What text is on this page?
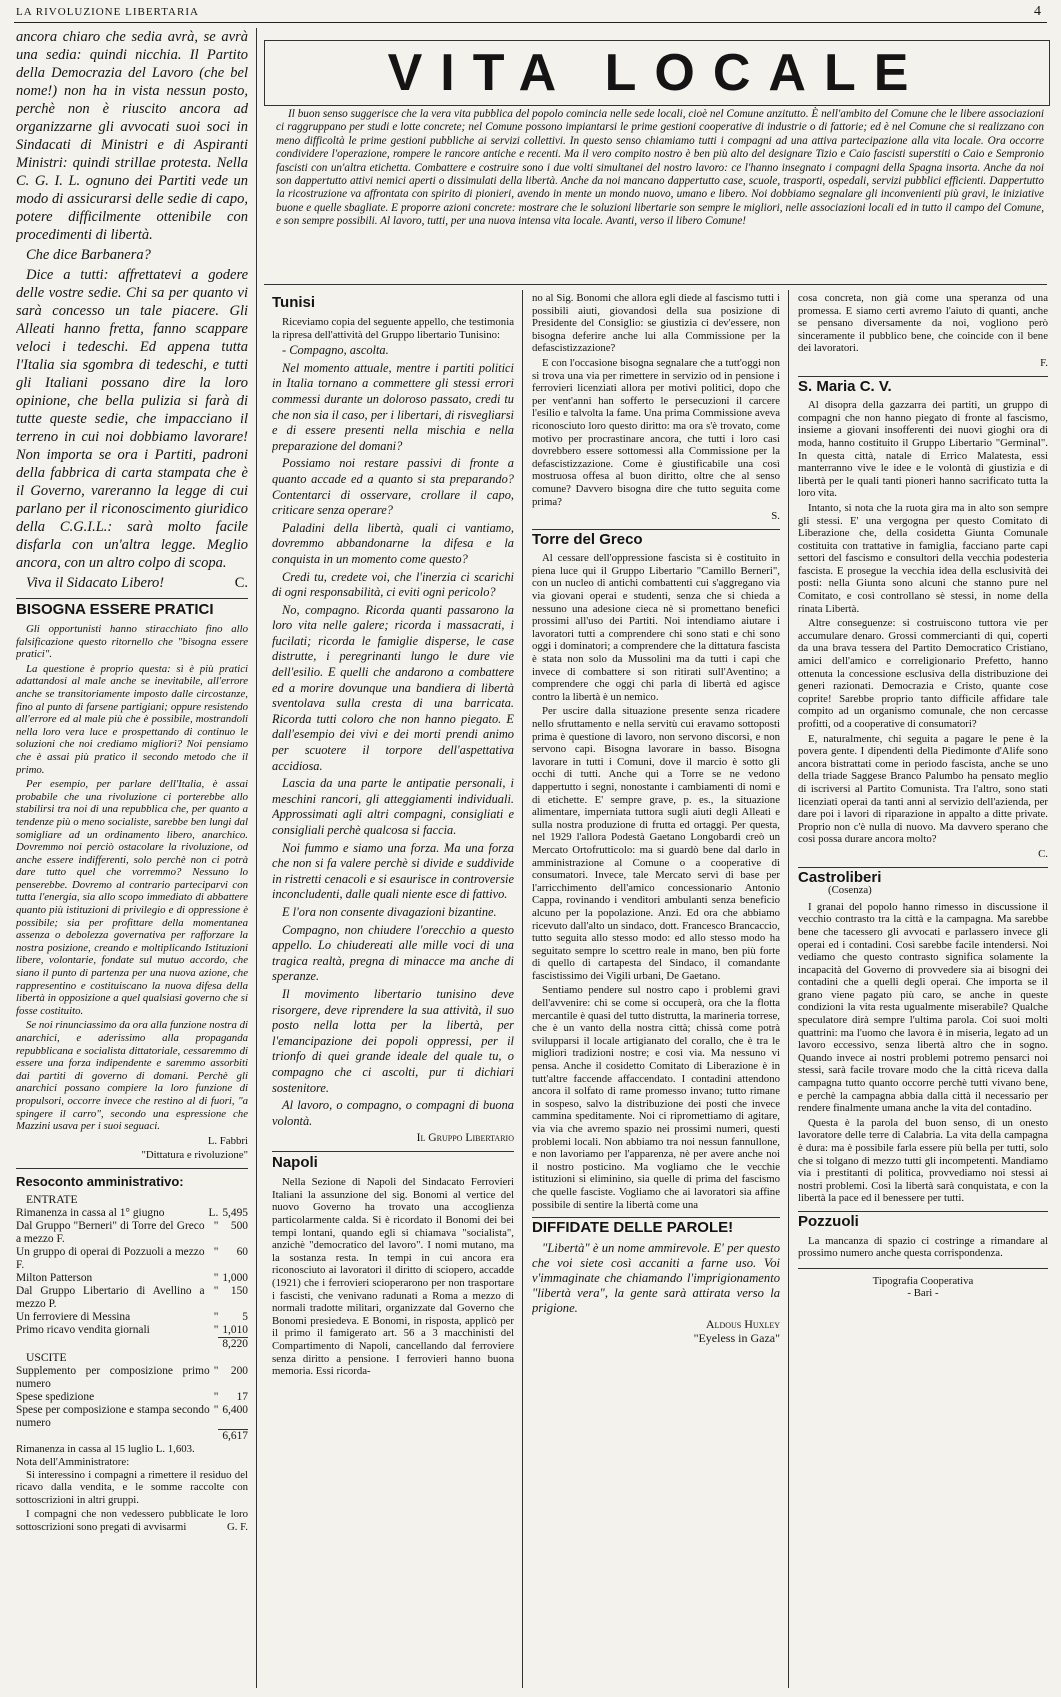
LA RIVOLUZIONE LIBERTARIA	4
VITA LOCALE

Il buon senso suggerisce che la vera vita pubblica del popolo comincia nelle sede locali, cioè nel Comune anzitutto. È nell'ambito del Comune che le libere associazioni ci raggruppano per studi e lotte concrete; nel Comune possono impiantarsi le prime gestioni cooperative di industrie o di fattorie; ed è nel Comune che si realizzano con meno difficoltà le prime gestioni pubbliche ai servizi collettivi. In questo senso chiamiamo tutti i compagni ad una attiva partecipazione alla vita locale. Ora occorre condividere l'operazione, rompere le rancore antiche e recenti. Ma il vero compito nostro è ben più alto del designare Tizio e Caio fascisti superstiti o Caio e Sempronio fascisti con un'altra etichetta. Combattere e costruire sono i due volti simultanei del nostro lavoro: ce l'hanno insegnato i compagni della Spagna insorta. Anche da noi son dappertutto attivi nemici aperti o dissimulati della libertà. Anche da noi mancano dappertutto case, scuole, trasporti, ospedali, servizi pubblici efficienti. Dappertutto la ricostruzione va affrontata con spirito di pionieri, avendo in mente un mondo nuovo, umano e libero. Noi dobbiamo segnalare gli inconvenienti più gravi, le iniziative buone e quelle sbagliate. E proporre azioni concrete: mostrare che le soluzioni libertarie son sempre le migliori, nelle associazioni locali ed in tutto il campo del Comune, e son sempre possibili. Al lavoro, tutti, per una nuova intensa vita locale. Avanti, verso il libero Comune!

ancora chiaro che sedia avrà, se avrà una sedia: quindi nicchia. Il Partito della Democrazia del Lavoro (che bel nome!) non ha in vista nessun posto, perchè non è riuscito ancora ad organizzarne gli avvocati suoi soci in Sindacati di Ministri e di Aspiranti Ministri: quindi strillae protesta. Nella C. G. I. L. ognuno dei Partiti vede un modo di assicurarsi delle sedie di capo, potere difficilmente ottenibile con procedimenti di libertà.

Che dice Barbanera?

Dice a tutti: affrettatevi a godere delle vostre sedie. Chi sa per quanto vi sarà concesso un tale piacere. Gli Alleati hanno fretta, fanno scappare veloci i tedeschi. Ed appena tutta l'Italia sia sgombra di tedeschi, e tutti gli Italiani possano dire la loro opinione, che bella pulizia si farà di tutte queste sedie, che impacciano il terreno in cui noi dobbiamo lavorare! Non importa se ora i Partiti, padroni della fabbrica di carta stampata che è il Governo, vareranno la legge di cui parlano per il riconoscimento giuridico della C.G.I.L.: sarà molto facile disfarla con un'altra legge. Meglio ancora, con un altro colpo di scopa.

Viva il Sidacato Libero!	C.

BISOGNA ESSERE PRATICI

Gli opportunisti hanno stiracchiato fino allo falsificazione questo ritornello che "bisogna essere pratici".

La questione è proprio questa: sì è più pratici adattandosi al male anche se inevitabile, all'errore anche se transitoriamente imposto dalle circostanze, fino al punto di farsene partigiani; oppure resistendo all'errore ed al male più che è possibile, mostrandoli nella loro vera luce e prospettando di continuo le soluzioni che noi crediamo migliori? Noi pensiamo che è assai più pratico il secondo metodo che il primo.

Per esempio, per parlare dell'Italia, è assai probabile che una rivoluzione ci porterebbe allo stabilirsi tra noi di una repubblica che, per quanto a tendenze più o meno socialiste, sarebbe ben lungi dal somigliare ad un ordinamento libero, anarchico. Dovremmo noi perciò ostacolare la rivoluzione, od anche essere indifferenti, solo perchè non ci potrà dare tutto quel che vorremmo? Nessuno lo penserebbe. Dovremo al contrario parteciparvi con tutta l'energia, sia allo scopo immediato di abbattere quanto più istituzioni di privilegio e di oppressione è possibile; sia per profittare della momentanea assenza o debolezza governativa per rafforzare la nostra posizione, creando e moltiplicando Istituzioni libere, volontarie, fondate sul mutuo accordo, che siano il punto di partenza per una nuova azione, che rappresentino e costituiscano la nuova difesa della libertà in opposizione a quel qualsiasi governo che si fosse costituito.

Se noi rinunciassimo da ora alla funzione nostra di anarchici, e aderissimo alla propaganda repubblicana e socialista dittatoriale, cessaremmo di essere una forza indipendente e saremmo assorbiti dai partiti di governo di domani. Perchè gli anarchici possano compiere la loro funzione di propulsori, occorre invece che restino al di fuori, "a spingere il carro", secondo una espressione che Mazzini usava per i suoi seguaci.

L. Fabbri
"Dittatura e rivoluzione"
Resoconto amministrativo:
ENTRATE
Rimanenza in cassa al 1° giugno	L.	5,495
Dal Gruppo "Berneri" di Torre del Greco a mezzo F.	"	500
Un gruppo di operai di Pozzuoli a mezzo F.	"	60
Milton Patterson	"	1,000
Dal Gruppo Libertario di Avellino a mezzo P.	"	150
Un ferroviere di Messina	"	5
Primo ricavo vendita giornali	"	1,010
		8,220
USCITE
Supplemento per composizione primo numero	"	200
Spese spedizione	"	17
Spese per composizione e stampa secondo numero	"	6,400
		6,617
Rimanenza in cassa al 15 luglio L. 1,603.
Nota dell'Amministratore:

Si interessino i compagni a rimettere il residuo del ricavo dalla vendita, e le somme raccolte con sottoscrizioni in altri gruppi.

I compagni che non vedessero pubblicate le loro sottoscrizioni sono pregati di avvisarmi	G. F.

Tunisi

Riceviamo copia del seguente appello, che testimonia la ripresa dell'attività del Gruppo libertario Tunisino:

- Compagno, ascolta.

Nel momento attuale, mentre i partiti politici in Italia tornano a commettere gli stessi errori commessi durante un doloroso passato, credi tu che non sia il caso, per i libertari, di risvegliarsi e di essere presenti nella mischia e nella preparazione del domani?

Possiamo noi restare passivi di fronte a quanto accade ed a quanto si sta preparando? Contentarci di osservare, crollare il capo, criticare senza operare?

Paladini della libertà, quali ci vantiamo, dovremmo abbandonarne la difesa e la conquista in un momento come questo?

Credi tu, credete voi, che l'inerzia ci scarichi di ogni responsabilità, ci eviti ogni pericolo?

No, compagno. Ricorda quanti passarono la loro vita nelle galere; ricorda i massacrati, i fucilati; ricorda le famiglie disperse, le case distrutte, i peregrinanti lungo le dure vie dell'esilio. E quelli che andarono a combattere ed a morire dovunque una bandiera di libertà sventolava sulla cresta di una barricata. Ricorda tutti coloro che non hanno piegato. E dall'esempio dei vivi e dei morti prendi animo per scuotere il torpore dell'aspettativa accidiosa.

Lascia da una parte le antipatie personali, i meschini rancori, gli atteggiamenti individuali. Approssimati agli altri compagni, consigliati e consigliali perchè qualcosa si faccia.

Noi fummo e siamo una forza. Ma una forza che non si fa valere perchè si divide e suddivide in ristretti cenacoli e si esaurisce in controversie inconcludenti, dalle quali niente esce di fattivo.

E l'ora non consente divagazioni bizantine.

Compagno, non chiudere l'orecchio a questo appello. Lo chiudereati alle mille voci di una tragica realtà, pregna di minacce ma anche di speranze.

Il movimento libertario tunisino deve risorgere, deve riprendere la sua attività, il suo posto nella lotta per la libertà, per l'emancipazione dei popoli oppressi, per il trionfo di quei grande ideale del quale tu, o compagno che ci ascolti, pur ti dichiari sostenitore.

Al lavoro, o compagno, o compagni di buona volontà.

Il Gruppo Libertario
Napoli

Nella Sezione di Napoli del Sindacato Ferrovieri Italiani la assunzione del sig. Bonomi al vertice del nuovo Governo ha trovato una accoglienza particolarmente calda. Si è ricordato il Bonomi dei bei tempi lontani, quando egli si chiamava "socialista", anzichè "democratico del lavoro". I nomi mutano, ma la sostanza resta. In tempi in cui ancora era riconosciuto ai lavoratori il diritto di sciopero, accadde (1921) che i ferrovieri scioperarono per non trasportare i fascisti, che venivano radunati a Roma a mezzo di normali tradotte militari, organizzate dal Governo che Bonomi presiedeva. E Bonomi, in risposta, applicò per il primo il famigerato art. 56 a 3 macchinisti del Compartimento di Napoli, cancellando dal ferroviere senza diritto a pensione. I ferrovieri hanno buona memoria. Essi ricorda-

no al Sig. Bonomi che allora egli diede al fascismo tutti i possibili aiuti, giovandosi della sua posizione di Presidente del Consiglio: se giustizia ci dev'essere, non bisogna deferire anche lui alla Commissione per la defascistizzazione?

E con l'occasione bisogna segnalare che a tutt'oggi non si trova una via per rimettere in servizio od in pensione i ferrovieri licenziati allora per motivi politici, dopo che per vent'anni han sofferto le persecuzioni il carcere l'esilio e talvolta la fame. Una prima Commissione aveva riconosciuto loro questo diritto: ma ora s'è trovato, come motivo per procrastinare ancora, che tutti i loro casi dovrebbero essere sottomessi alla Commissione per la defascistizzazione. Come è giustificabile una così mostruosa offesa al buon diritto, oltre che al senso comune? Davvero bisogna dire che tutto seguita come prima?

S.
Torre del Greco

Al cessare dell'oppressione fascista si è costituito in piena luce qui il Gruppo Libertario "Camillo Berneri", con un nucleo di antichi combattenti cui s'aggregano via via giovani operai e studenti, senza che si chieda a nessuno una adesione cieca nè si promettano benefici prossimi all'uso dei Partiti. Noi intendiamo aiutare i lavoratori tutti a comprendere chi sono stati e chi sono oggi i dominatori; a comprendere che la dittatura fascista è stata non solo da Mussolini ma da tutti i capi che invece di combattere si son ritirati sull'Aventino; a comprendere che oggi chi parla di libertà ed agisce contro la libertà è un nemico.

Per uscire dalla situazione presente senza ricadere nello sfruttamento e nella servitù cui eravamo sottoposti prima è questione di lavoro, non servono discorsi, e non servono capi. Bisogna lavorare in basso. Bisogna lavorare in tutti i Comuni, dove il marcio è sotto gli occhi di tutti. Anche qui a Torre se ne vedono dappertutto i segni, nonostante i cambiamenti di nomi e di etichette. E' sempre grave, p. es., la situazione alimentare, imperniata tuttora sugli aiuti degli Alleati e sulla nostra produzione di frutta ed ortaggi. Per questa, nel 1929 l'allora Podestà Gaetano Longobardi creò un Mercato Ortofrutticolo: ma si guardò bene dal darlo in amministrazione al Comune o a cooperative di consumatori. Invece, tale Mercato servì di base per l'arricchimento dell'amico concessionario Antonio Cappa, rovinando i venditori ambulanti senza beneficio alcuno per la popolazione. Anzi. Ed ora che abbiamo ricevuto dall'alto un sindaco, dott. Francesco Brancaccio, tutto seguita allo stesso modo: ed allo stesso modo ha seguitato sempre lo scettro reale in mano, ben più forte di quello di cartapesta del Sindaco, il comandante fascistissimo dei Vigili urbani, De Gaetano.

Sentiamo pendere sul nostro capo i problemi gravi dell'avvenire: chi se come si occuperà, ora che la flotta mercantile è quasi del tutto distrutta, la marineria torrese, che è un vanto della nostra città; chissà come potrà svilupparsi il locale artigianato del corallo, che è tra le migliori tradizioni nostre; e così via. Ma nessuno vi pensa. Anche il cosidetto Comitato di Liberazione è in tutt'altre faccende affaccendato. I contadini attendono ancora il solfato di rame promesso invano; tutto rimane in sospeso, salvo la distribuzione dei posti che invece cammina speditamente. Noi ci ripromettiamo di agitare, via via che avremo spazio nei prossimi numeri, questi problemi locali. Non abbiamo tra noi nessun fannullone, e non lavoriamo per l'apparenza, nè per avere anche noi il nostro posticino. Ma vogliamo che le vecchie istituzioni si eliminino, sia quelle di prima del fascismo che quelle fasciste. Vogliamo che ai lavoratori sia affine possibile di sentire la libertà come una

DIFFIDATE DELLE PAROLE!

"Libertà" è un nome ammirevole. E' per questo che voi siete così accaniti a farne uso. Voi v'immaginate che chiamando l'imprigionamento "libertà vera", la gente sarà attirata verso la prigione.

Aldous Huxley
"Eyeless in Gaza"

cosa concreta, non già come una speranza od una promessa. E siamo certi avremo l'aiuto di quanti, anche se pensano diversamente da noi, vogliono però sinceramente il pubblico bene, che coincide con il bene dei lavoratori.

F.
S. Maria C. V.

Al disopra della gazzarra dei partiti, un gruppo di compagni che non hanno piegato di fronte al fascismo, insieme a giovani insofferenti dei nuovi gioghi ora di moda, hanno costituito il Gruppo Libertario "Germinal". In questa città, natale di Errico Malatesta, essi manterranno vive le idee e le volontà di giustizia e di libertà per le quali tanti pioneri hanno sacrificato tutta la loro vita.

Intanto, si nota che la ruota gira ma in alto son sempre gli stessi. E' una vergogna per questo Comitato di Liberazione che, della cosidetta Giunta Comunale costituita con trattative in famiglia, facciano parte capi settori del fascismo e consultori della vecchia podesteria fascista. E prosegue la vecchia idea della esclusività dei posti: nella Giunta sono alcuni che stanno pure nel Comitato, e così controllano sè stessi, in nome della rinata Libertà.

Altre conseguenze: si costruiscono tuttora vie per accumulare denaro. Grossi commercianti di qui, coperti da una brava tessera del Partito Democratico Cristiano, amici dell'amico e correligionario Prefetto, hanno ottenuta la concessione esclusiva della distribuzione dei generi razionati. Democrazia e Cristo, quante cose coprite! Sarebbe proprio tanto difficile affidare tale compito ad un organismo comunale, che non cercasse profitti, od a cooperative di consumatori?

E, naturalmente, chi seguita a pagare le pene è la povera gente. I dipendenti della Piedimonte d'Alife sono ancora bistrattati come in periodo fascista, anche se uno della triade Saggese Branco Palumbo ha pensato meglio di iscriversi al Partito Comunista. Tra l'altro, sono stati licenziati operai da tanti anni al servizio dell'azienda, per dare poi i lavori di riparazione in appalto a ditte private. Proprio non c'è nulla di nuovo. Ma davvero sperano che così possa durare ancora molto?

C.
Castroliberi
(Cosenza)

I granai del popolo hanno rimesso in discussione il vecchio contrasto tra la città e la campagna. Ma sarebbe bene che tacessero gli avvocati e parlassero invece gli operai ed i contadini. Così sarebbe facile intendersi. Noi vediamo che questo contrasto significa solamente la incapacità del Governo di provvedere sia ai bisogni dei contadini che a quelli degli operai. Che importa se il grano viene pagato più caro, se anche in queste condizioni la vita resta ugualmente miserabile? Qualche speculatore dirà sempre l'ultima parola. Coi suoi molti quattrini: ma l'uomo che lavora è in miseria, legato ad un lavoro eccessivo, senza libertà altro che in sogno. Quando invece ai nostri problemi potremo pensarci noi stessi, sarà facile trovare modo che la città riceva dalla campagna tutto quanto occorre perchè tutti vivano bene, e perchè la campagna abbia dalla città il necessario per rendere finalmente umana anche la vita del contadino.

Questa è la parola del buon senso, di un onesto lavoratore delle terre di Calabria. La vita della campagna è dura: ma è possibile farla essere più bella per tutti, solo che si tolgano di mezzo tutti gli incompetenti. Mandiamo via i prestitanti di politica, provvediamo noi stessi ai nostri problemi. Così la libertà sarà conquistata, e con la libertà la pace ed il benessere per tutti.

Pozzuoli

La mancanza di spazio ci costringe a rimandare al prossimo numero anche questa corrispondenza.

Tipografia Cooperativa
- Bari -
